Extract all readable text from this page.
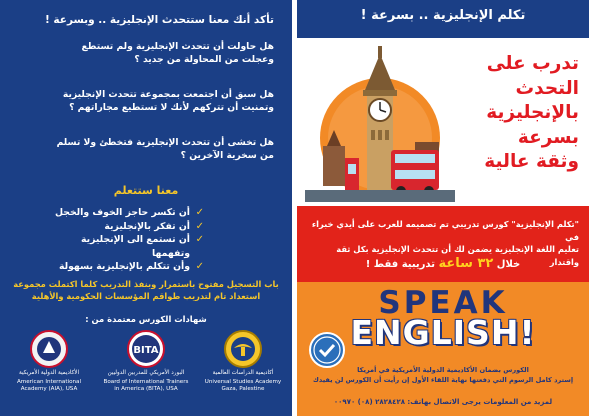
تأكد أنك معنا ستتحدث الإنجليزية .. وبسرعة !
هل حاولت أن تتحدث الإنجليزية ولم تستطع
وعجلت من المحاولة من جديد ؟
هل سبق أن اجتمعت بمجموعة تتحدث الإنجليزية
وتمنيت أن تتركهم لأنك لا تستطيع مجاراتهم ؟
هل تخشى أن تتحدث الإنجليزية فتخطئ ولا تسلم
من سخرية الآخرين ؟
معنا ستتعلم
✓
أن تكسر حاجز الخوف والخجل
✓
أن تفكر بالإنجليزية
✓
أن تستمع الى الإنجليزية وتفهمها
✓
وأن تتكلم بالإنجليزية بسهولة
باب التسجيل مفتوح باستمرار وبنفذ التدريب كلما اكتملت مجموعة
استعداد تام لتدريب طواقم المؤسسات الحكومية والأهلية
شهادات الكورس معتمدة من :
الأكاديمية الدولية الأمريكية
American International Academy (AIA), USA
BITA
البورد الأمريكي للمدربين الدوليين
Board of International Trainers in America (BITA), USA
أكاديمية الدراسات العالمية
Universal Studies Academy Gaza, Palestine
تكلم الإنجليزية .. بسرعة !
تدرب على
التحدث
بالإنجليزية
بسرعة
وثقة عالية
"تكلم الإنجليزية" كورس تدريبي تم تصميمه للعرب على أيدي خبراء في
تعليم اللغة الإنجليزية يضمن لك أن تتحدث الإنجليزية بكل ثقة واقتدار
خلال ٣٢ ساعة تدريبية فقط !
SPEAK
ENGLISH!
الكورس بضمان الأكاديمية الدولية الأمريكية في أمريكا
إسترد كامل الرسوم التي دفعتها نهاية اللقاء الأول إن رأيت أن الكورس لن يفيدك
لمزيد من المعلومات يرجى الاتصال بهاتف: ٢٨٢٨٤٢٨ (٠٨) ٠٠٩٧٠
